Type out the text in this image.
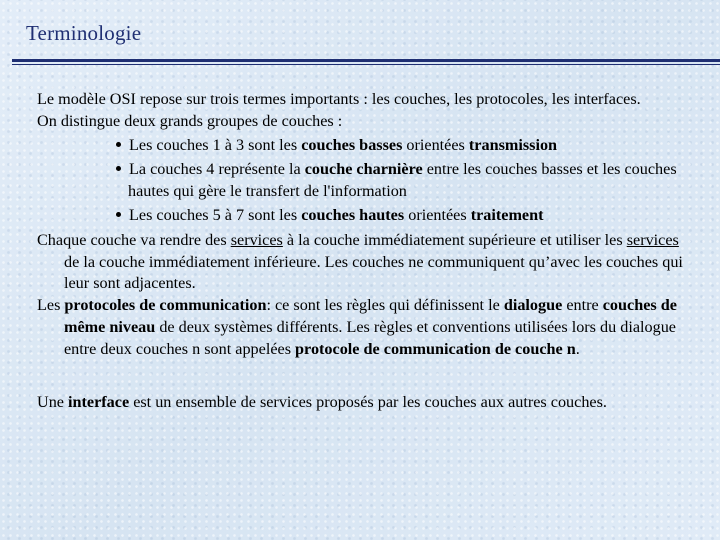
Terminologie

Le modèle OSI repose sur trois termes importants : les couches, les protocoles, les interfaces.

On distingue deux grands groupes de couches :

Les couches 1 à 3 sont les couches basses orientées transmission
La couches 4 représente la couche charnière entre les couches basses et les couches hautes qui gère le transfert de l'information
Les couches 5 à 7 sont les couches hautes orientées traitement

Chaque couche va rendre des services à la couche immédiatement supérieure et utiliser les services de la couche immédiatement inférieure. Les couches ne communiquent qu’avec les couches qui leur sont adjacentes.

Les protocoles de communication: ce sont les règles qui définissent le dialogue entre couches de même niveau de deux systèmes différents. Les règles et conventions utilisées lors du dialogue entre deux couches n sont appelées protocole de communication de couche n.

Une interface est un ensemble de services proposés par les couches aux autres couches.
